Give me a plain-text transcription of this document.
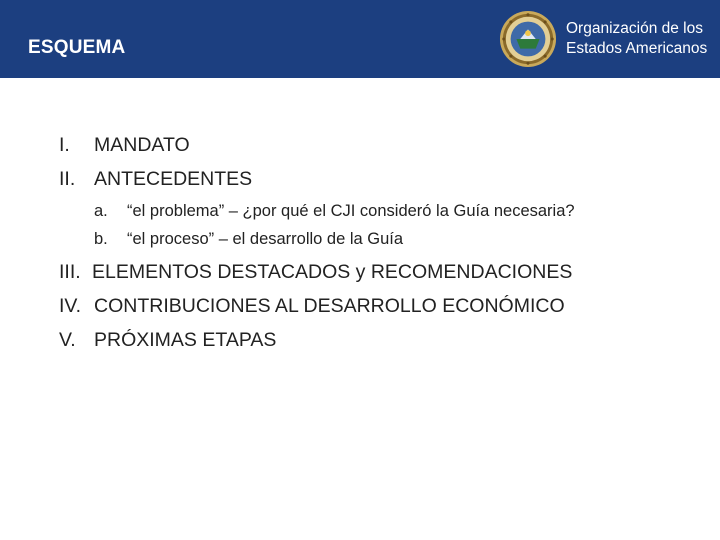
ESQUEMA
Organización de los
Estados Americanos
I. MANDATO
II. ANTECEDENTES
a. “el problema” – ¿por qué el CJI consideró la Guía necesaria?
b. “el proceso” – el desarrollo de la Guía
III. ELEMENTOS DESTACADOS y RECOMENDACIONES
IV. CONTRIBUCIONES AL DESARROLLO ECONÓMICO
V. PRÓXIMAS ETAPAS
